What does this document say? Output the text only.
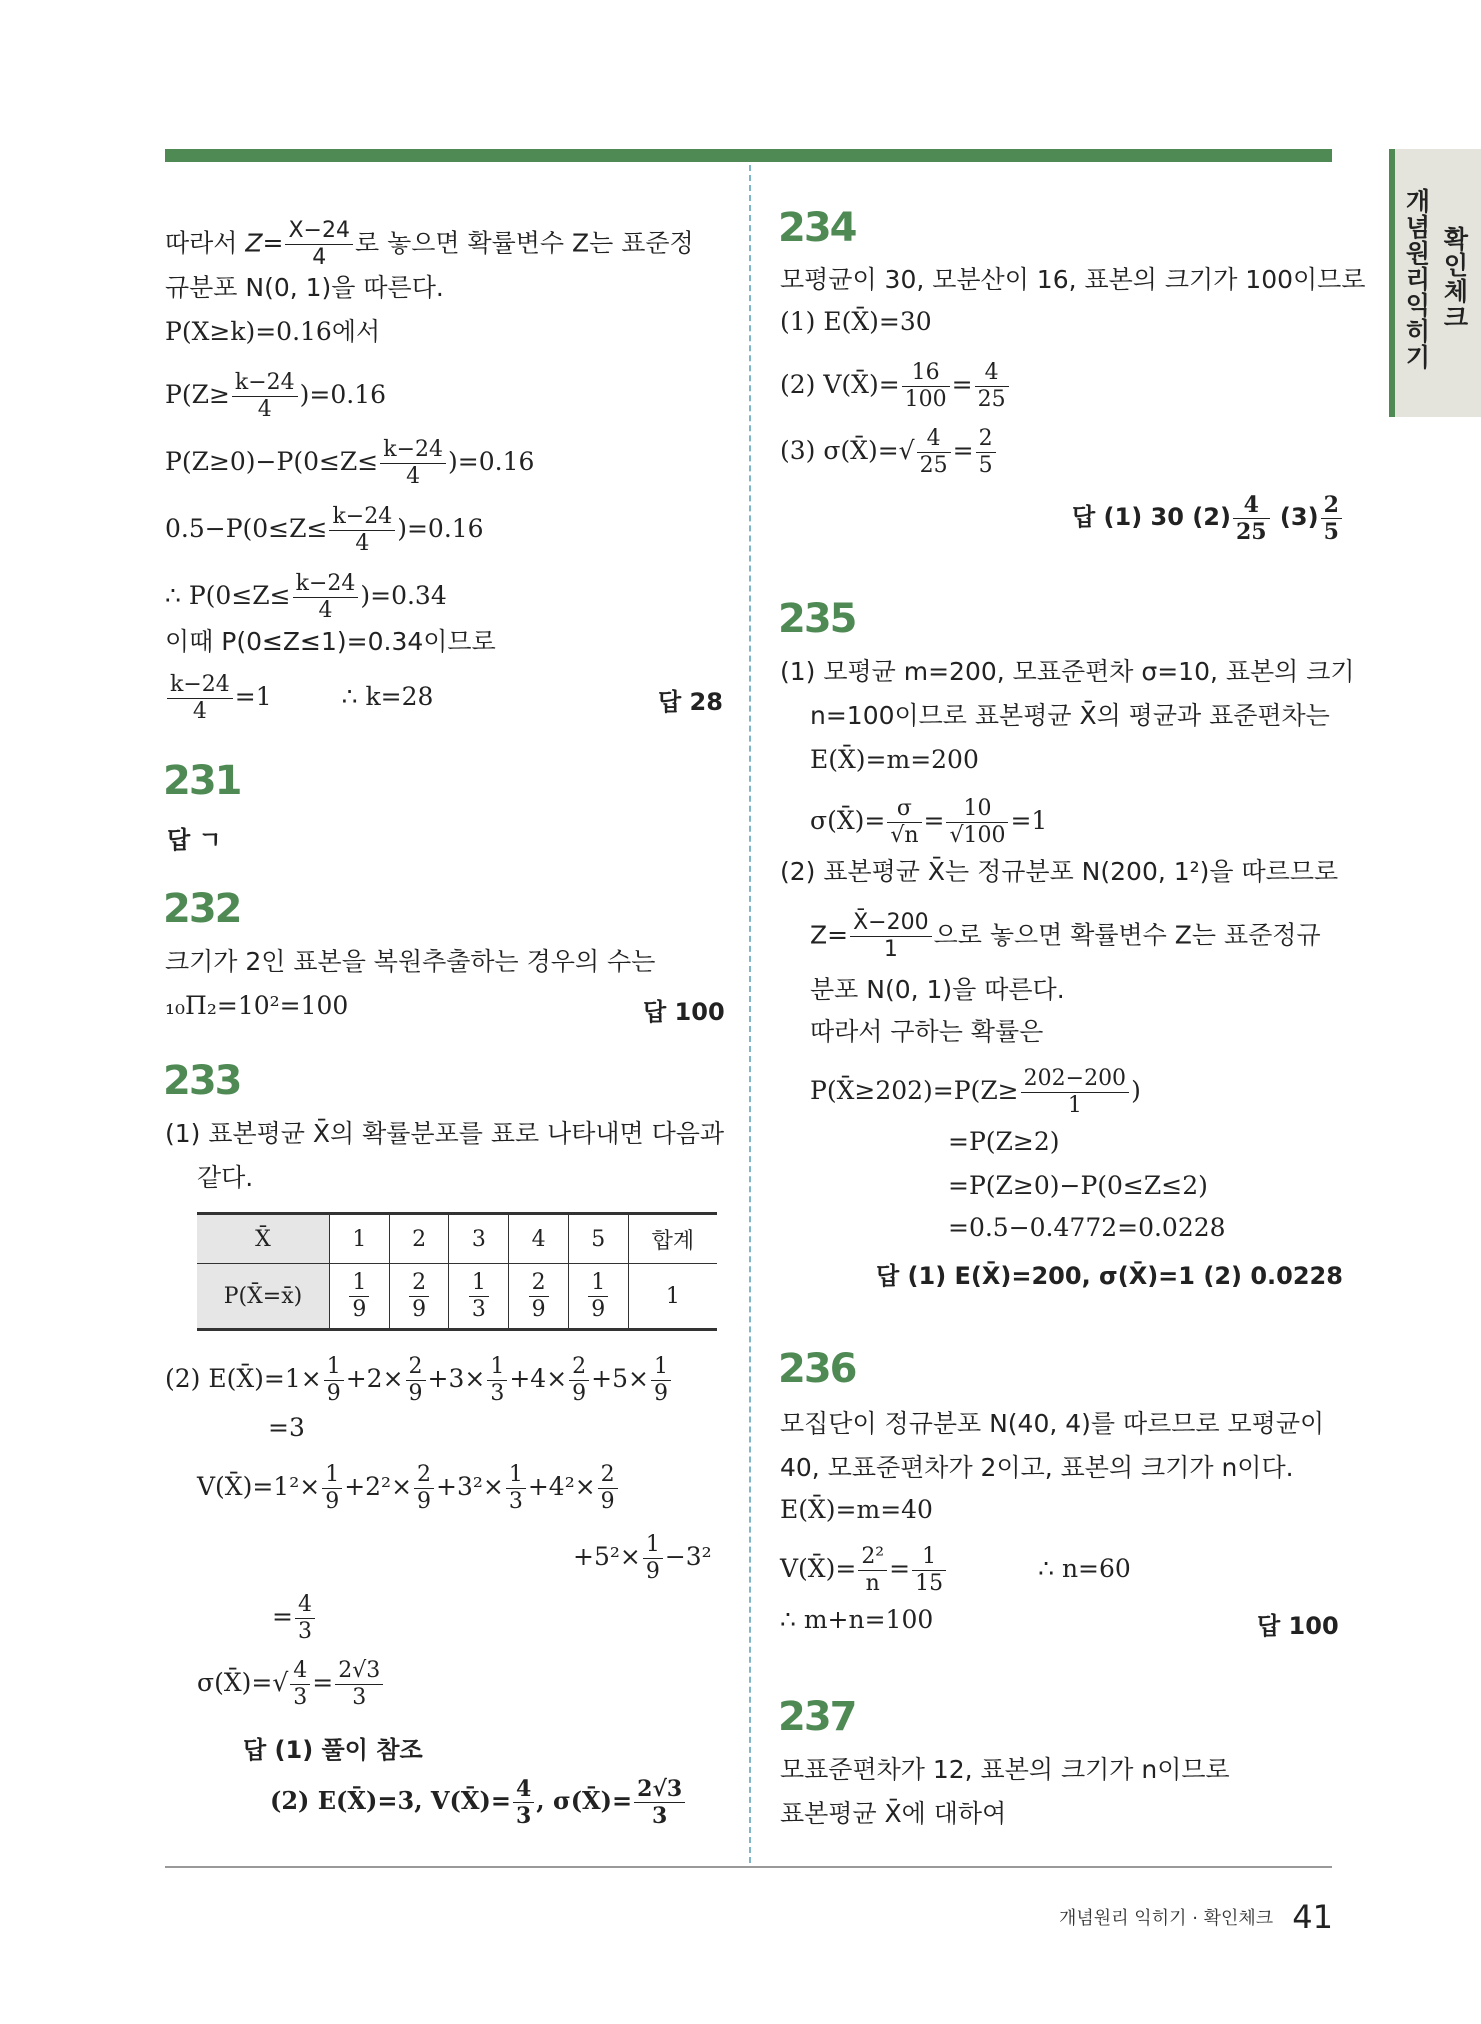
개념원리 익히기
확인체크
따라서 $Z= \frac{X-24}{4}$ 로 놓으면 확률변수 Z는 표준정
규분포 N(0, 1)을 따른다.
P(X≥k)=0.16에서
$P(Z\ge \frac{k-24}{4} )=0.16$
$P(Z\ge 0)-P(0\le Z\le \frac{k-24}{4} )=0.16$
$0.5-P(0\le Z\le \frac{k-24}{4} )=0.16$
∴ $P(0\le Z\le \frac{k-24}{4} )=0.34$
이때 P(0≤Z≤1)=0.34이므로
$\frac{k-24}{4} =1$	∴ k=28	답 28
231
답 ㄱ
232
크기가 2인 표본을 복원추출하는 경우의 수는
₁₀Π₂=10²=100	답 100
233
(1) 표본평균 X̄의 확률분포를 표로 나타내면 다음과
같다.
X̄	1	2	3	4	5	합계
P(X̄=x̄)	$\frac{1}{9}$	$\frac{2}{9}$	$\frac{1}{3}$	$\frac{2}{9}$	$\frac{1}{9}$	1
(2) E(X̄)=1× $\frac{1}{9} +2\times \frac{2}{9} +3\times \frac{1}{3} +4\times \frac{2}{9} +5\times \frac{1}{9}$
=3
V(X̄)=1²× $\frac{1}{9} +2^2\times \frac{2}{9} +3^2\times \frac{1}{3} +4^2\times \frac{2}{9}$
$+5^2\times \frac{1}{9} -3^2$
= $\frac{4}{3}$
σ(X̄)=√ $\frac{4}{3} = \frac{2√3}{3}$
답 (1) 풀이 참조
(2) E(X̄)=3, V(X̄)= $\frac{4}{3}$ , σ(X̄)= $\frac{2√3}{3}$
234
모평균이 30, 모분산이 16, 표본의 크기가 100이므로
(1) E(X̄)=30
(2) V(X̄)= $\frac{16}{100} = \frac{4}{25}$
(3) σ(X̄)=√ $\frac{4}{25} = \frac{2}{5}$
답 (1) 30 $(2) \frac{4}{25} (3) \frac{2}{5}$
235
(1) 모평균 m=200, 모표준편차 σ=10, 표본의 크기
n=100이므로 표본평균 X̄의 평균과 표준편차는
E(X̄)=m=200
σ(X̄)= $\frac{\sigma}{√n} = \frac{10}{√100} =1$
(2) 표본평균 X̄는 정규분포 N(200, 1²)을 따르므로
$Z= \frac{X̄-200}{1}$ 으로 놓으면 확률변수 Z는 표준정규
분포 N(0, 1)을 따른다.
따라서 구하는 확률은
P(X̄≥202)=P(Z≥ $\frac{202-200}{1}$ )
=P(Z≥2)
=P(Z≥0)−P(0≤Z≤2)
=0.5−0.4772=0.0228
답 (1) E(X̄)=200, σ(X̄)=1 (2) 0.0228
236
모집단이 정규분포 N(40, 4)를 따르므로 모평균이
40, 모표준편차가 2이고, 표본의 크기가 n이다.
E(X̄)=m=40
V(X̄)= $\frac{\text{2²}}{n} = \frac{1}{15}$	∴ n=60
∴ m+n=100	답 100
237
모표준편차가 12, 표본의 크기가 n이므로
표본평균 X̄에 대하여
개념원리 익히기 · 확인체크 41
